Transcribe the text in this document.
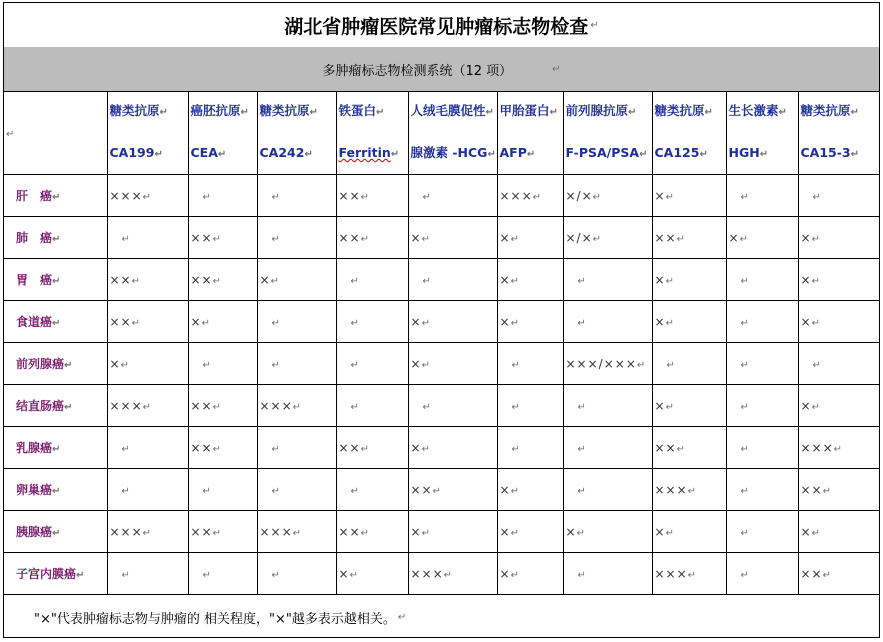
湖北省肿瘤医院常见肿瘤标志物检查 ↵
多肿瘤标志物检测系统（12 项）	↵
↵	糖类抗原↵
CA199↵	癌胚抗原↵
CEA↵	糖类抗原↵
CA242↵	铁蛋白↵
Ferritin↵	人绒毛膜促性↵
腺激素 -HCG↵	甲胎蛋白↵
AFP↵	前列腺抗原↵
F-PSA/PSA↵	糖类抗原↵
CA125↵	生长激素↵
HGH↵	糖类抗原↵
CA15-3↵

肝　癌↵	×××↵	↵	↵	××↵	↵	×××↵	×/×↵	×↵	↵	↵
肺　癌↵	↵	××↵	↵	××↵	×↵	×↵	×/×↵	××↵	×↵	×↵
胃　癌↵	××↵	××↵	×↵	↵	↵	×↵	↵	×↵	↵	×↵
食道癌↵	××↵	×↵	↵	↵	×↵	×↵	↵	×↵	↵	×↵
前列腺癌↵	×↵	↵	↵	↵	×↵	↵	×××/×××↵	↵	↵	↵
结直肠癌↵	×××↵	××↵	×××↵	↵	↵	↵	↵	×↵	↵	×↵
乳腺癌↵	↵	××↵	↵	××↵	×↵	↵	↵	××↵	↵	×××↵
卵巢癌↵	↵	↵	↵	↵	××↵	×↵	↵	×××↵	↵	××↵
胰腺癌↵	×××↵	××↵	×××↵	××↵	×↵	×↵	×↵	×↵	↵	×↵
子宫内膜癌↵	↵	↵	↵	×↵	×××↵	×↵	↵	×××↵	↵	××↵
"×"代表肿瘤标志物与肿瘤的 相关程度，"×"越多表示越相关。 ↵
